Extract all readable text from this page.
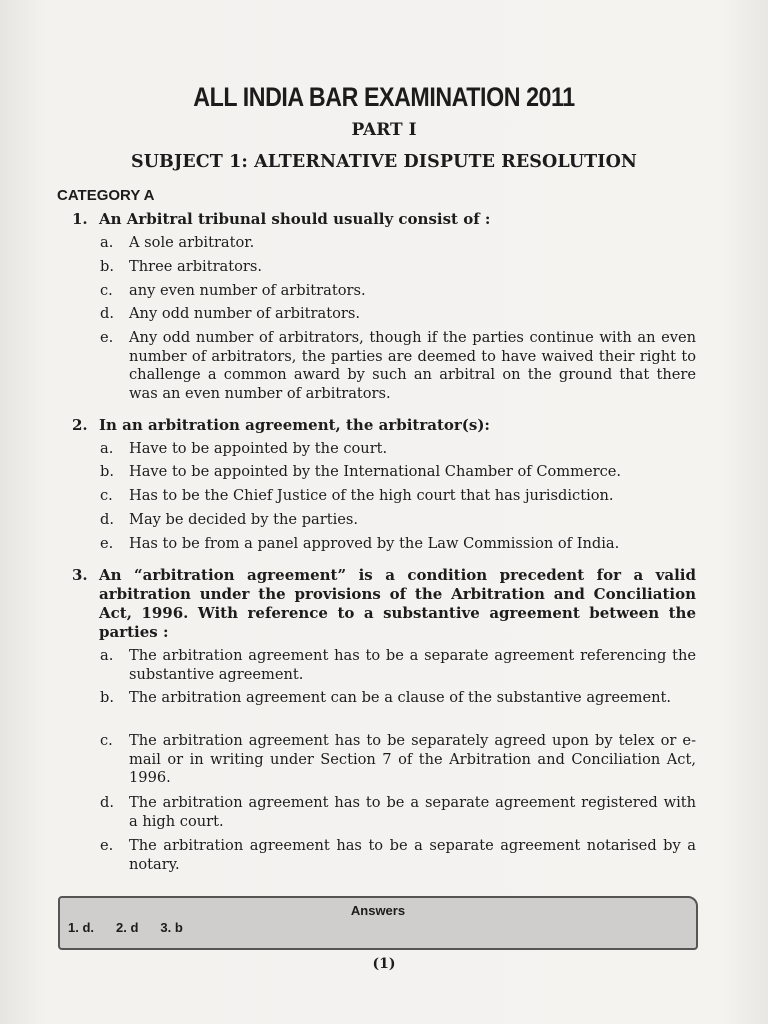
ALL INDIA BAR EXAMINATION 2011
PART I
SUBJECT 1: ALTERNATIVE DISPUTE RESOLUTION
CATEGORY A
1. An Arbitral tribunal should usually consist of :
a. A sole arbitrator.
b. Three arbitrators.
c. any even number of arbitrators.
d. Any odd number of arbitrators.
e. Any odd number of arbitrators, though if the parties continue with an even number of arbitrators, the parties are deemed to have waived their right to challenge a common award by such an arbitral on the ground that there was an even number of arbitrators.
2. In an arbitration agreement, the arbitrator(s):
a. Have to be appointed by the court.
b. Have to be appointed by the International Chamber of Commerce.
c. Has to be the Chief Justice of the high court that has jurisdiction.
d. May be decided by the parties.
e. Has to be from a panel approved by the Law Commission of India.
3. An “arbitration agreement” is a condition precedent for a valid arbitration under the provisions of the Arbitration and Conciliation Act, 1996. With reference to a substantive agreement between the parties :
a. The arbitration agreement has to be a separate agreement referencing the substantive agreement.
b. The arbitration agreement can be a clause of the substantive agreement.
c. The arbitration agreement has to be separately agreed upon by telex or e-mail or in writing under Section 7 of the Arbitration and Conciliation Act, 1996.
d. The arbitration agreement has to be a separate agreement registered with a high court.
e. The arbitration agreement has to be a separate agreement notarised by a notary.
Answers
1. d. 2. d 3. b
(1)
